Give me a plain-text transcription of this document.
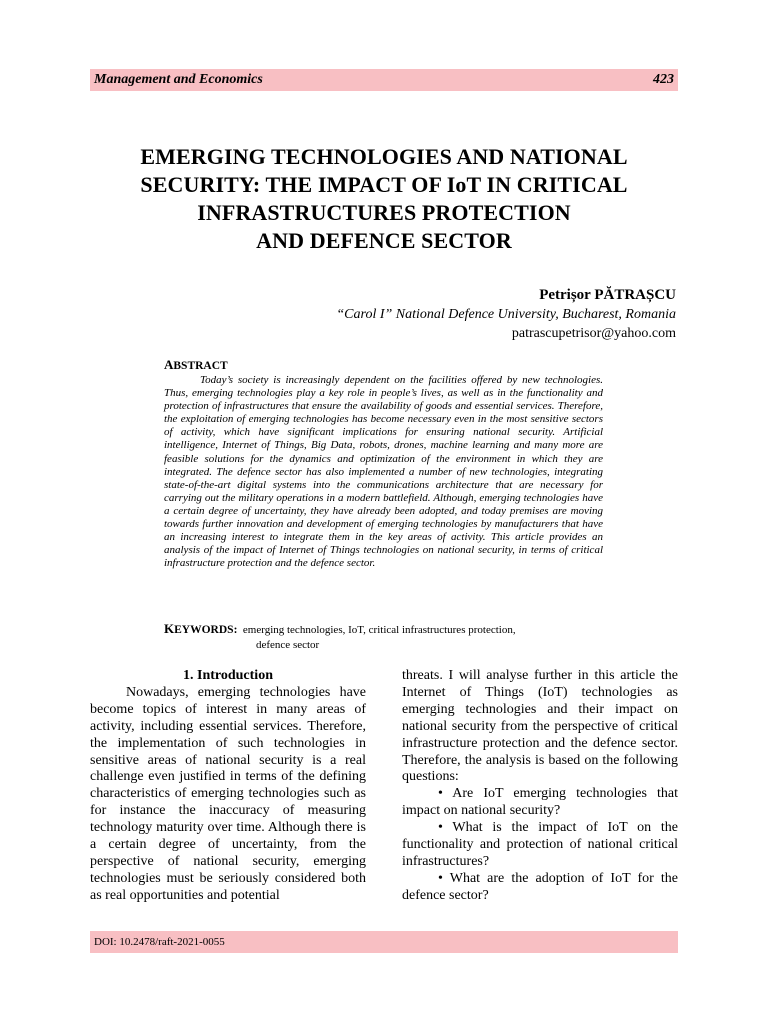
Management and Economics	423
EMERGING TECHNOLOGIES AND NATIONAL
SECURITY: THE IMPACT OF IoT IN CRITICAL
INFRASTRUCTURES PROTECTION
AND DEFENCE SECTOR
Petrișor PĂTRAȘCU
“Carol I” National Defence University, Bucharest, Romania
patrascupetrisor@yahoo.com
ABSTRACT

Today’s society is increasingly dependent on the facilities offered by new technologies. Thus, emerging technologies play a key role in people’s lives, as well as in the functionality and protection of infrastructures that ensure the availability of goods and essential services. Therefore, the exploitation of emerging technologies has become necessary even in the most sensitive sectors of activity, which have significant implications for ensuring national security. Artificial intelligence, Internet of Things, Big Data, robots, drones, machine learning and many more are feasible solutions for the dynamics and optimization of the environment in which they are integrated. The defence sector has also implemented a number of new technologies, integrating state-of-the-art digital systems into the communications architecture that are necessary for carrying out the military operations in a modern battlefield. Although, emerging technologies have a certain degree of uncertainty, they have already been adopted, and today premises are moving towards further innovation and development of emerging technologies by manufacturers that have an increasing interest to integrate them in the key areas of activity. This article provides an analysis of the impact of Internet of Things technologies on national security, in terms of critical infrastructure protection and the defence sector.

KEYWORDS: emerging technologies, IoT, critical infrastructures protection,
defence sector

1. Introduction

Nowadays, emerging technologies have become topics of interest in many areas of activity, including essential services. Therefore, the implementation of such technologies in sensitive areas of national security is a real challenge even justified in terms of the defining characteristics of emerging technologies such as for instance the inaccuracy of measuring technology maturity over time. Although there is a certain degree of uncertainty, from the perspective of national security, emerging technologies must be seriously considered both as real opportunities and potential

threats. I will analyse further in this article the Internet of Things (IoT) technologies as emerging technologies and their impact on national security from the perspective of critical infrastructure protection and the defence sector. Therefore, the analysis is based on the following questions:

• Are IoT emerging technologies that impact on national security?

• What is the impact of IoT on the functionality and protection of national critical infrastructures?

• What are the adoption of IoT for the defence sector?

DOI: 10.2478/raft-2021-0055
